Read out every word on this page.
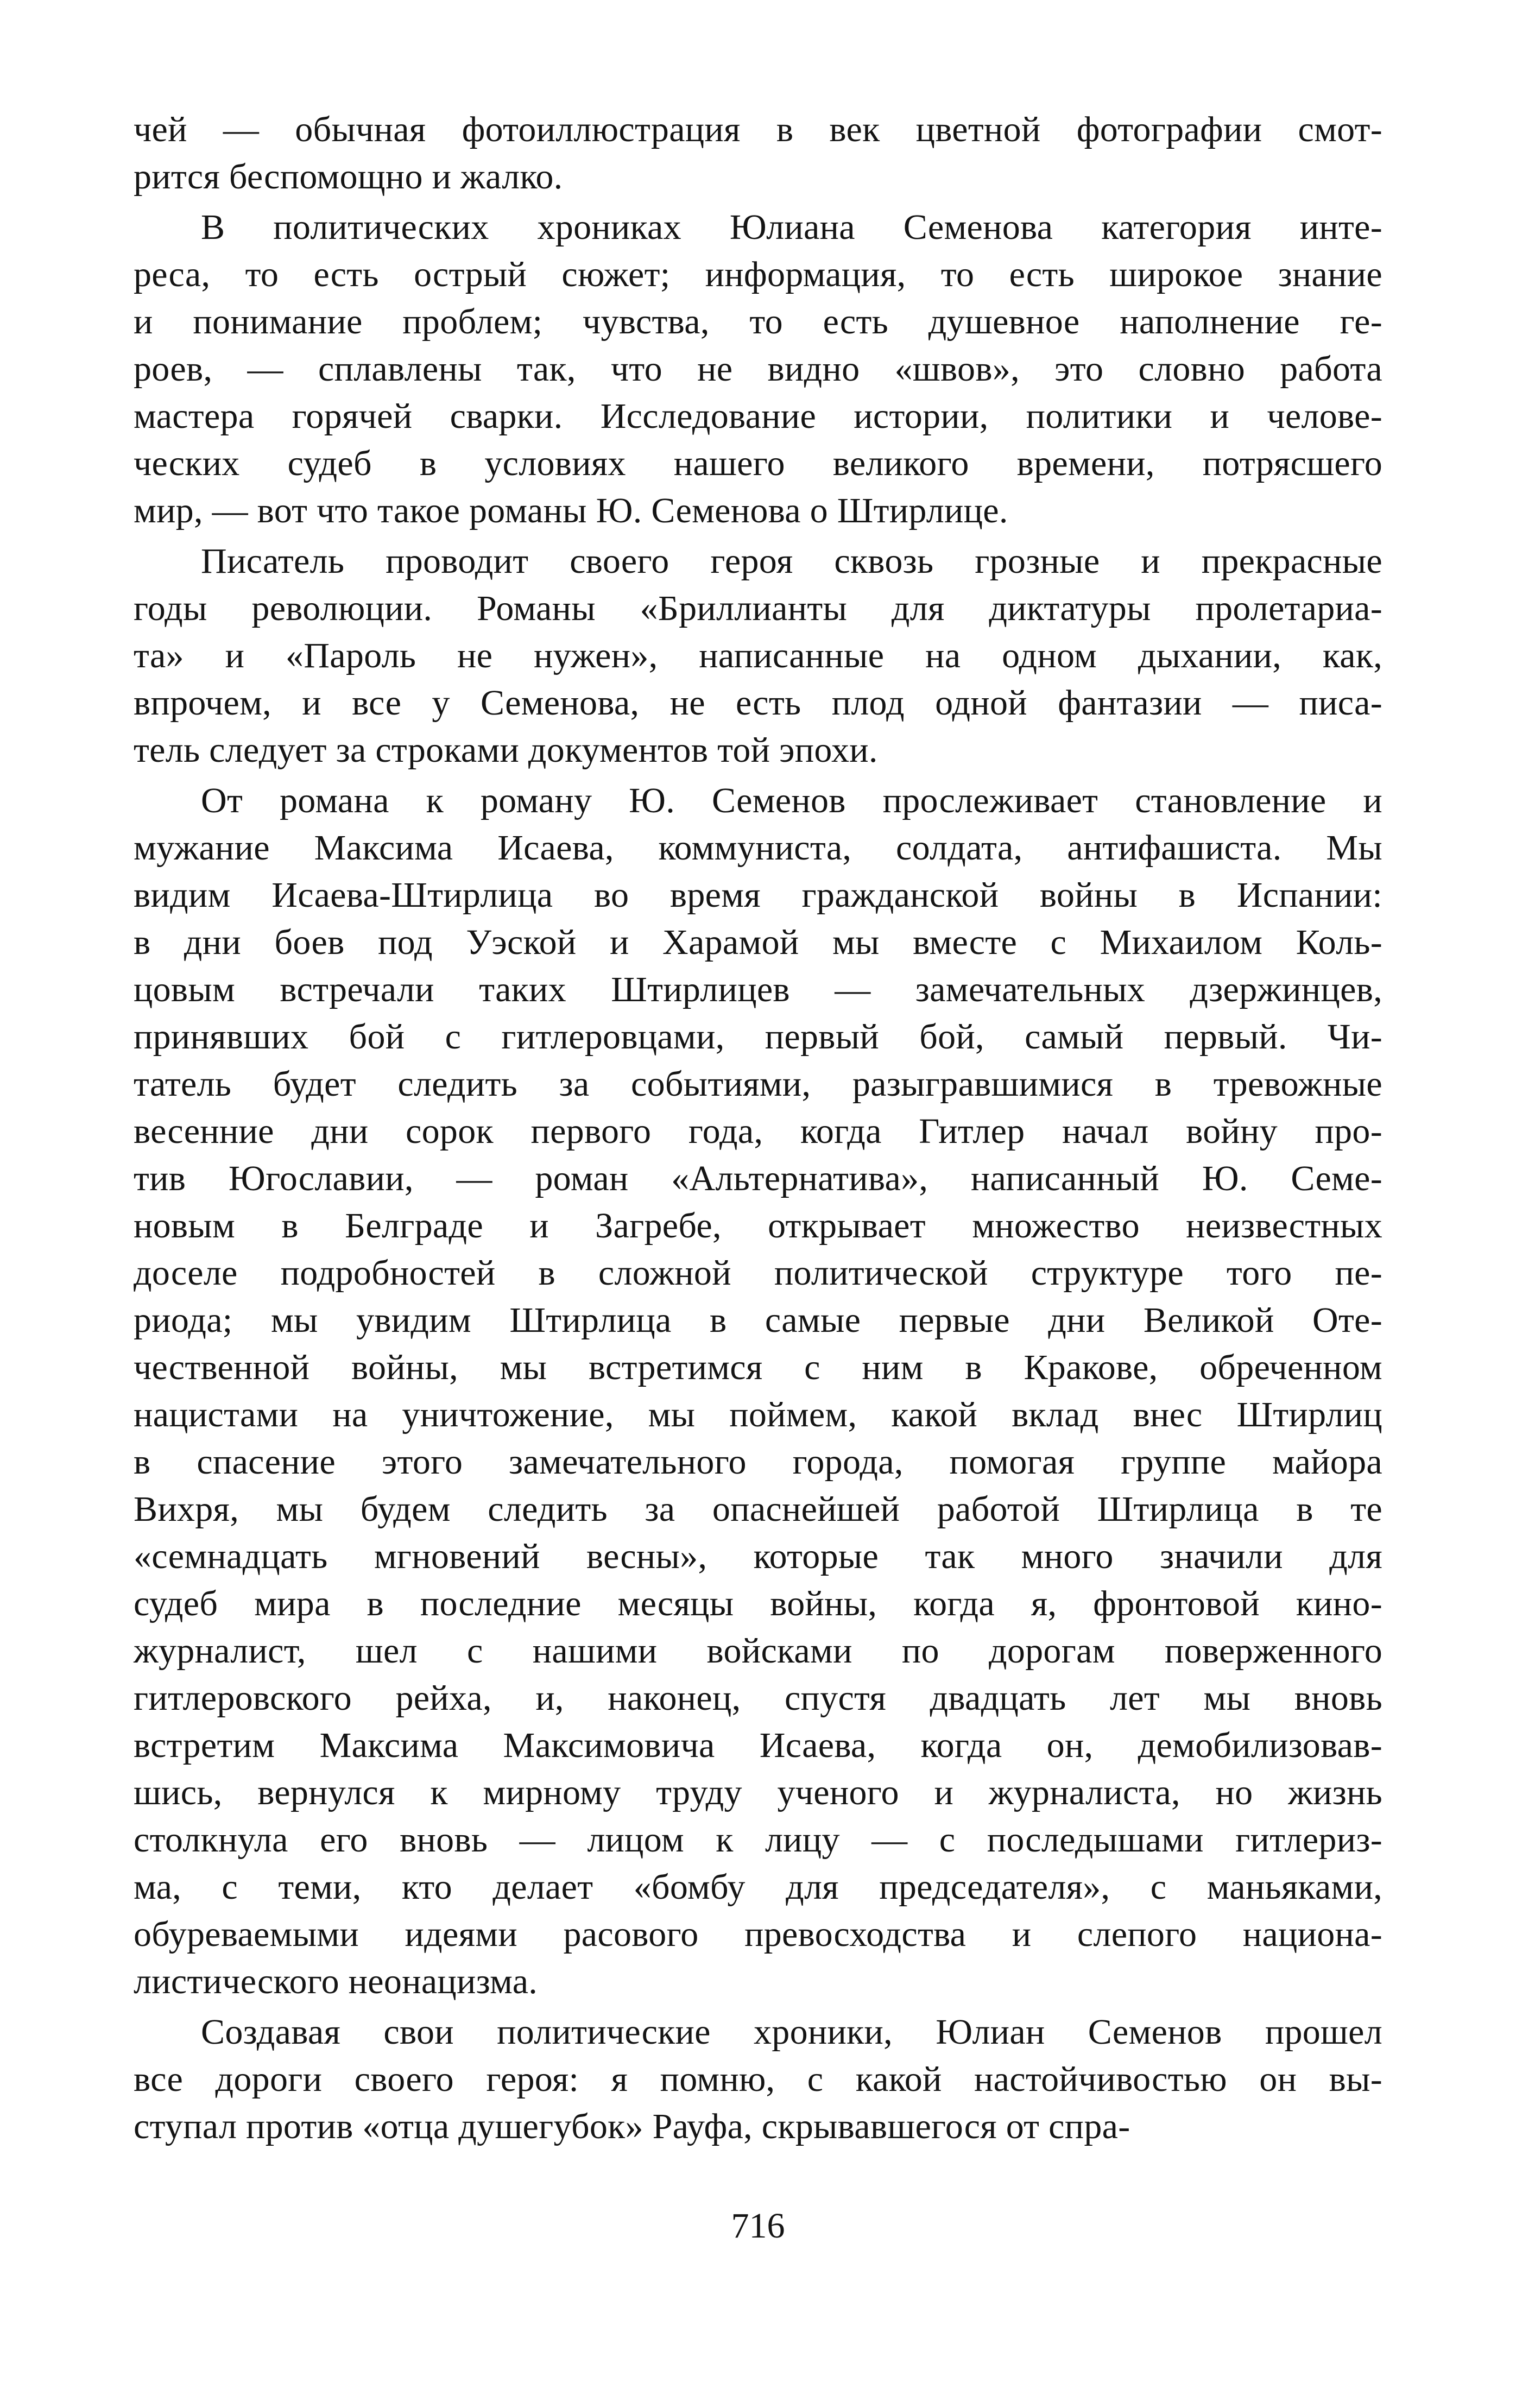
чей — обычная фотоиллюстрация в век цветной фотографии смот-
рится беспомощно и жалко.
В политических хрониках Юлиана Семенова категория инте-
реса, то есть острый сюжет; информация, то есть широкое знание
и понимание проблем; чувства, то есть душевное наполнение ге-
роев, — сплавлены так, что не видно «швов», это словно работа
мастера горячей сварки. Исследование истории, политики и челове-
ческих судеб в условиях нашего великого времени, потрясшего
мир, — вот что такое романы Ю. Семенова о Штирлице.
Писатель проводит своего героя сквозь грозные и прекрасные
годы революции. Романы «Бриллианты для диктатуры пролетариа-
та» и «Пароль не нужен», написанные на одном дыхании, как,
впрочем, и все у Семенова, не есть плод одной фантазии — писа-
тель следует за строками документов той эпохи.
От романа к роману Ю. Семенов прослеживает становление и
мужание Максима Исаева, коммуниста, солдата, антифашиста. Мы
видим Исаева-Штирлица во время гражданской войны в Испании:
в дни боев под Уэской и Харамой мы вместе с Михаилом Коль-
цовым встречали таких Штирлицев — замечательных дзержинцев,
принявших бой с гитлеровцами, первый бой, самый первый. Чи-
татель будет следить за событиями, разыгравшимися в тревожные
весенние дни сорок первого года, когда Гитлер начал войну про-
тив Югославии, — роман «Альтернатива», написанный Ю. Семе-
новым в Белграде и Загребе, открывает множество неизвестных
доселе подробностей в сложной политической структуре того пе-
риода; мы увидим Штирлица в самые первые дни Великой Оте-
чественной войны, мы встретимся с ним в Кракове, обреченном
нацистами на уничтожение, мы поймем, какой вклад внес Штирлиц
в спасение этого замечательного города, помогая группе майора
Вихря, мы будем следить за опаснейшей работой Штирлица в те
«семнадцать мгновений весны», которые так много значили для
судеб мира в последние месяцы войны, когда я, фронтовой кино-
журналист, шел с нашими войсками по дорогам поверженного
гитлеровского рейха, и, наконец, спустя двадцать лет мы вновь
встретим Максима Максимовича Исаева, когда он, демобилизовав-
шись, вернулся к мирному труду ученого и журналиста, но жизнь
столкнула его вновь — лицом к лицу — с последышами гитлериз-
ма, с теми, кто делает «бомбу для председателя», с маньяками,
обуреваемыми идеями расового превосходства и слепого национа-
листического неонацизма.
Создавая свои политические хроники, Юлиан Семенов прошел
все дороги своего героя: я помню, с какой настойчивостью он вы-
ступал против «отца душегубок» Рауфа, скрывавшегося от спра-
716
